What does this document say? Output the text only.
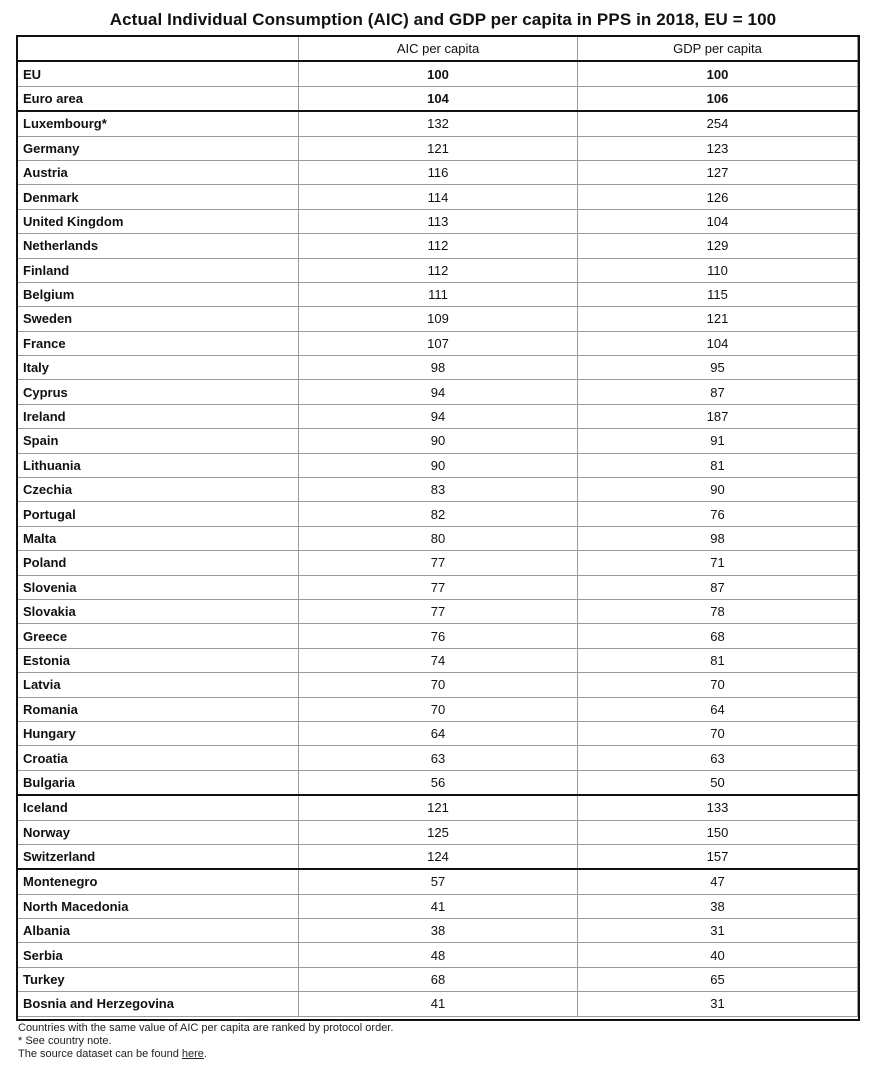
Actual Individual Consumption (AIC) and GDP per capita in PPS in 2018, EU = 100
	AIC per capita	GDP per capita
EU	100	100
Euro area	104	106
Luxembourg*	132	254
Germany	121	123
Austria	116	127
Denmark	114	126
United Kingdom	113	104
Netherlands	112	129
Finland	112	110
Belgium	111	115
Sweden	109	121
France	107	104
Italy	98	95
Cyprus	94	87
Ireland	94	187
Spain	90	91
Lithuania	90	81
Czechia	83	90
Portugal	82	76
Malta	80	98
Poland	77	71
Slovenia	77	87
Slovakia	77	78
Greece	76	68
Estonia	74	81
Latvia	70	70
Romania	70	64
Hungary	64	70
Croatia	63	63
Bulgaria	56	50
Iceland	121	133
Norway	125	150
Switzerland	124	157
Montenegro	57	47
North Macedonia	41	38
Albania	38	31
Serbia	48	40
Turkey	68	65
Bosnia and Herzegovina	41	31
Countries with the same value of AIC per capita are ranked by protocol order.
* See country note.
The source dataset can be found here.
